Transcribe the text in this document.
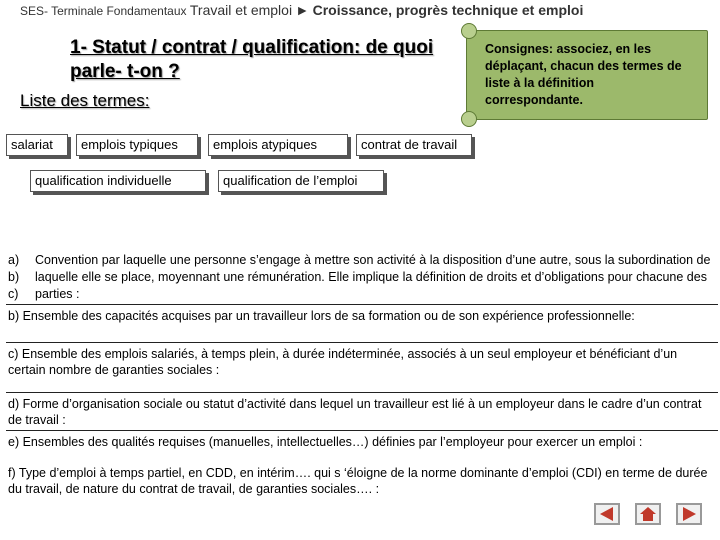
SES- Terminale Fondamentaux Travail et emploi ► Croissance, progrès technique et emploi
1- Statut / contrat / qualification: de quoi parle- t-on ?
Liste des termes:
Consignes: associez, en les déplaçant, chacun des termes de liste à la définition correspondante.
salariat	emplois typiques	emplois atypiques	contrat de travail
qualification individuelle	qualification de l’emploi
a)
b)
c)
Convention par laquelle une personne s’engage à mettre son activité à la disposition d’une autre, sous la subordination de laquelle elle se place, moyennant une rémunération. Elle implique la définition de droits et d’obligations pour chacune des parties :
b) Ensemble des capacités acquises par un travailleur lors de sa formation ou de son expérience professionnelle:
c) Ensemble des emplois salariés, à temps plein, à durée indéterminée, associés à un seul employeur et bénéficiant d’un certain nombre de garanties sociales :
d) Forme d’organisation sociale ou statut d’activité dans lequel un travailleur est lié à un employeur dans le cadre d’un contrat de travail :
e) Ensembles des qualités requises (manuelles, intellectuelles…) définies par l’employeur pour exercer un emploi :
f) Type d’emploi à temps partiel, en CDD, en intérim…. qui s ‘éloigne de la norme dominante d’emploi (CDI) en terme de durée du travail, de nature du contrat de travail, de garanties sociales…. :
